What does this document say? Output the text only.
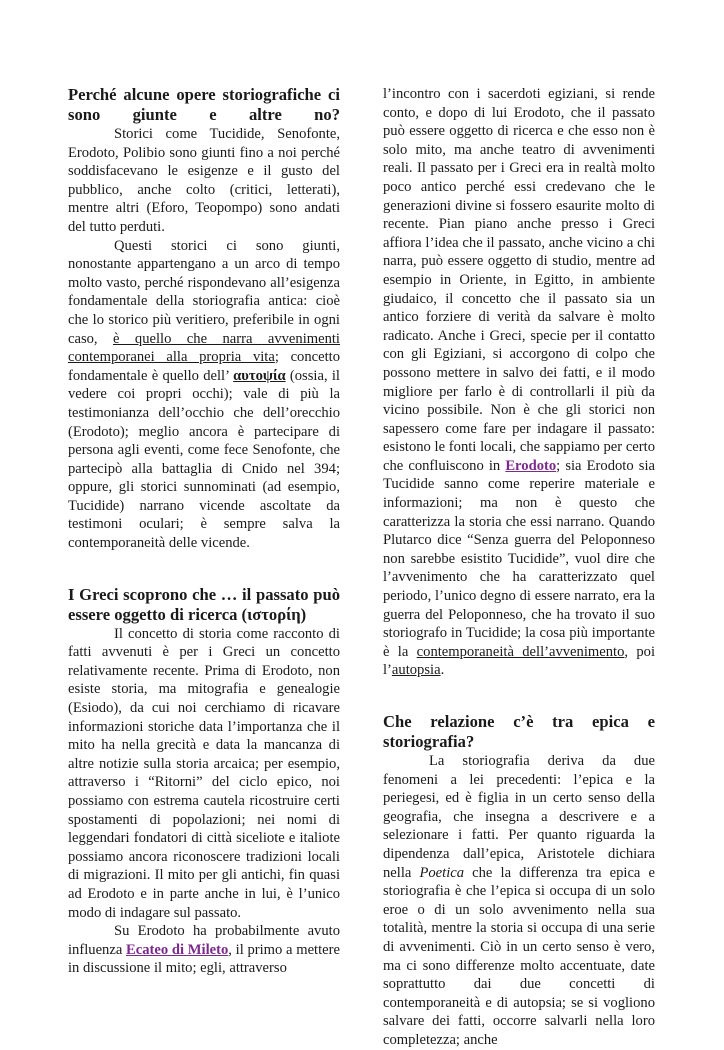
Perché alcune opere storiografiche ci sono giunte e altre no?

Storici come Tucidide, Senofonte, Erodoto, Polibio sono giunti fino a noi perché soddisfacevano le esigenze e il gusto del pubblico, anche colto (critici, letterati), mentre altri (Eforo, Teopompo) sono andati del tutto perduti.

Questi storici ci sono giunti, nonostante appartengano a un arco di tempo molto vasto, perché rispondevano all’esigenza fondamentale della storiografia antica: cioè che lo storico più veritiero, preferibile in ogni caso, è quello che narra avvenimenti contemporanei alla propria vita; concetto fondamentale è quello dell’ αυτοψία (ossia, il vedere coi propri occhi); vale di più la testimonianza dell’occhio che dell’orecchio (Erodoto); meglio ancora è partecipare di persona agli eventi, come fece Senofonte, che partecipò alla battaglia di Cnido nel 394; oppure, gli storici sunnominati (ad esempio, Tucidide) narrano vicende ascoltate da testimoni oculari; è sempre salva la contemporaneità delle vicende.

I Greci scoprono che … il passato può essere oggetto di ricerca (ιστορίη)

Il concetto di storia come racconto di fatti avvenuti è per i Greci un concetto relativamente recente. Prima di Erodoto, non esiste storia, ma mitografia e genealogie (Esiodo), da cui noi cerchiamo di ricavare informazioni storiche data l’importanza che il mito ha nella grecità e data la mancanza di altre notizie sulla storia arcaica; per esempio, attraverso i “Ritorni” del ciclo epico, noi possiamo con estrema cautela ricostruire certi spostamenti di popolazioni; nei nomi di leggendari fondatori di città siceliote e italiote possiamo ancora riconoscere tradizioni locali di migrazioni. Il mito per gli antichi, fin quasi ad Erodoto e in parte anche in lui, è l’unico modo di indagare sul passato.

Su Erodoto ha probabilmente avuto influenza Ecateo di Mileto, il primo a mettere in discussione il mito; egli, attraverso

l’incontro con i sacerdoti egiziani, si rende conto, e dopo di lui Erodoto, che il passato può essere oggetto di ricerca e che esso non è solo mito, ma anche teatro di avvenimenti reali. Il passato per i Greci era in realtà molto poco antico perché essi credevano che le generazioni divine si fossero esaurite molto di recente. Pian piano anche presso i Greci affiora l’idea che il passato, anche vicino a chi narra, può essere oggetto di studio, mentre ad esempio in Oriente, in Egitto, in ambiente giudaico, il concetto che il passato sia un antico forziere di verità da salvare è molto radicato. Anche i Greci, specie per il contatto con gli Egiziani, si accorgono di colpo che possono mettere in salvo dei fatti, e il modo migliore per farlo è di controllarli il più da vicino possibile. Non è che gli storici non sapessero come fare per indagare il passato: esistono le fonti locali, che sappiamo per certo che confluiscono in Erodoto; sia Erodoto sia Tucidide sanno come reperire materiale e informazioni; ma non è questo che caratterizza la storia che essi narrano. Quando Plutarco dice “Senza guerra del Peloponneso non sarebbe esistito Tucidide”, vuol dire che l’avvenimento che ha caratterizzato quel periodo, l’unico degno di essere narrato, era la guerra del Peloponneso, che ha trovato il suo storiografo in Tucidide; la cosa più importante è la contemporaneità dell’avvenimento, poi l’autopsia.

Che relazione c’è tra epica e storiografia?

La storiografia deriva da due fenomeni a lei precedenti: l’epica e la periegesi, ed è figlia in un certo senso della geografia, che insegna a descrivere e a selezionare i fatti. Per quanto riguarda la dipendenza dall’epica, Aristotele dichiara nella Poetica che la differenza tra epica e storiografia è che l’epica si occupa di un solo eroe o di un solo avvenimento nella sua totalità, mentre la storia si occupa di una serie di avvenimenti. Ciò in un certo senso è vero, ma ci sono differenze molto accentuate, date soprattutto dai due concetti di contemporaneità e di autopsia; se si vogliono salvare dei fatti, occorre salvarli nella loro completezza; anche
